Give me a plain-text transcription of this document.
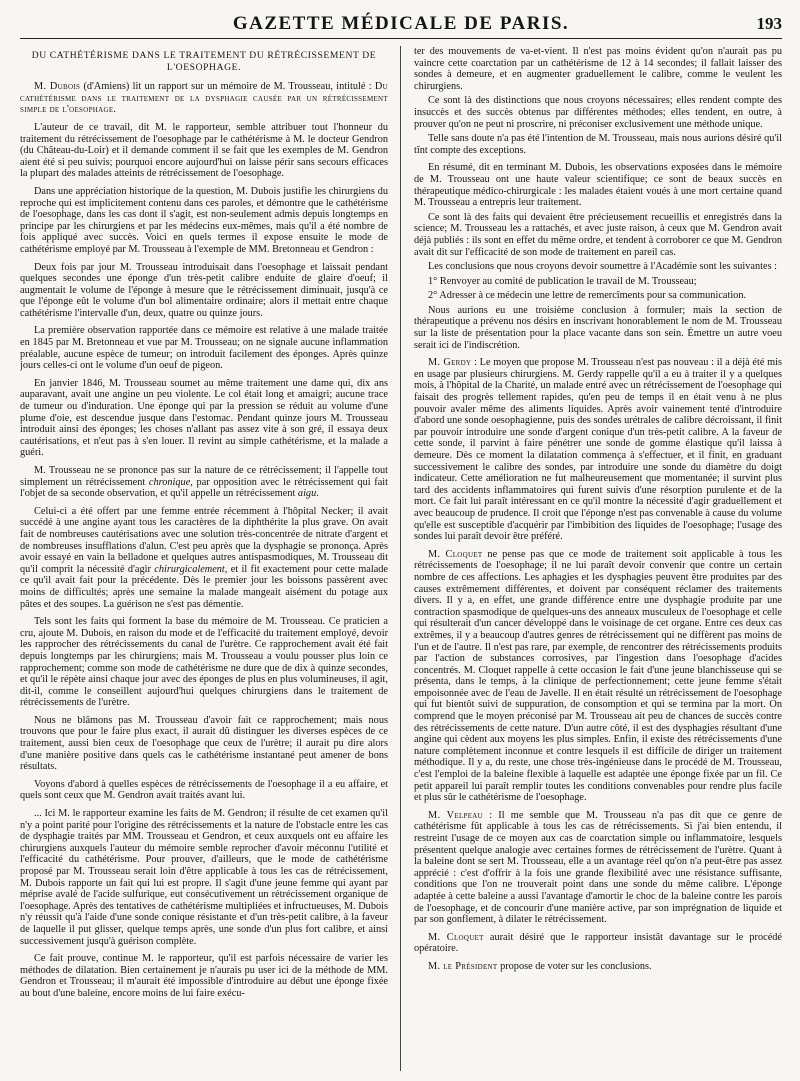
GAZETTE MÉDICALE DE PARIS.	193
DU CATHÉTÉRISME DANS LE TRAITEMENT DU RÉTRÉCISSEMENT DE L'OESOPHAGE.

M. Dubois (d'Amiens) lit un rapport sur un mémoire de M. Trousseau, intitulé : Du cathétérisme dans le traitement de la dysphagie causée par un rétrécissement simple de l'oesophage.

L'auteur de ce travail, dit M. le rapporteur, semble attribuer tout l'honneur du traitement du rétrécissement de l'oesophage par le cathétérisme à M. le docteur Gendron (du Château-du-Loir) et il demande comment il se fait que les exemples de M. Gendron aient été si peu suivis; pourquoi encore aujourd'hui on laisse périr sans secours efficaces la plupart des malades atteints de rétrécissement de l'oesophage.

Dans une appréciation historique de la question, M. Dubois justifie les chirurgiens du reproche qui est implicitement contenu dans ces paroles, et démontre que le cathétérisme de l'oesophage, dans les cas dont il s'agit, est non-seulement admis depuis longtemps en principe par les chirurgiens et par les médecins eux-mêmes, mais qu'il a été nombre de fois appliqué avec succès. Voici en quels termes il expose ensuite le mode de cathétérisme employé par M. Trousseau à l'exemple de MM. Bretonneau et Gendron :

Deux fois par jour M. Trousseau introduisait dans l'oesophage et laissait pendant quelques secondes une éponge d'un très-petit calibre enduite de glaire d'oeuf; il augmentait le volume de l'éponge à mesure que le rétrécissement diminuait, jusqu'à ce que l'éponge eût le volume d'un bol alimentaire ordinaire; alors il mettait entre chaque cathétérisme l'intervalle d'un, deux, quatre ou quinze jours.

La première observation rapportée dans ce mémoire est relative à une malade traitée en 1845 par M. Bretonneau et vue par M. Trousseau; on ne signale aucune inflammation préalable, aucune espèce de tumeur; on introduit facilement des éponges. Après quinze jours celles-ci ont le volume d'un oeuf de pigeon.

En janvier 1846, M. Trousseau soumet au même traitement une dame qui, dix ans auparavant, avait une angine un peu violente. Le col était long et amaigri; aucune trace de tumeur ou d'induration. Une éponge qui par la pression se réduit au volume d'une plume d'oie, est descendue jusque dans l'estomac. Pendant quinze jours M. Trousseau introduit ainsi des éponges; les choses n'allant pas assez vite à son gré, il essaya deux cautérisations, et n'eut pas à s'en louer. Il revint au simple cathétérisme, et la malade a guéri.

M. Trousseau ne se prononce pas sur la nature de ce rétrécissement; il l'appelle tout simplement un rétrécissement chronique, par opposition avec le rétrécissement qui fait l'objet de sa seconde observation, et qu'il appelle un rétrécissement aigu.

Celui-ci a été offert par une femme entrée récemment à l'hôpital Necker; il avait succédé à une angine ayant tous les caractères de la diphthérite la plus grave. On avait fait de nombreuses cautérisations avec une solution très-concentrée de nitrate d'argent et de nombreuses insufflations d'alun. C'est peu après que la dysphagie se prononça. Après avoir essayé en vain la belladone et quelques autres antispasmodiques, M. Trousseau dit qu'il comprit la nécessité d'agir chirurgicalement, et il fit exactement pour cette malade ce qu'il avait fait pour la précédente. Dès le premier jour les boissons passèrent avec moins de difficultés; après une semaine la malade mangeait aisément du potage aux pâtes et des soupes. La guérison ne s'est pas démentie.

Tels sont les faits qui forment la base du mémoire de M. Trousseau. Ce praticien a cru, ajoute M. Dubois, en raison du mode et de l'efficacité du traitement employé, devoir les rapprocher des rétrécissements du canal de l'urètre. Ce rapprochement avait été fait depuis longtemps par les chirurgiens; mais M. Trousseau a voulu pousser plus loin ce rapprochement; comme son mode de cathétérisme ne dure que de dix à quinze secondes, et qu'il le répète ainsi chaque jour avec des éponges de plus en plus volumineuses, il agit, dit-il, comme le conseillent aujourd'hui quelques chirurgiens dans le traitement de rétrécissements de l'urètre.

Nous ne blâmons pas M. Trousseau d'avoir fait ce rapprochement; mais nous trouvons que pour le faire plus exact, il aurait dû distinguer les diverses espèces de ce traitement, aussi bien ceux de l'oesophage que ceux de l'urètre; il aurait pu dire alors d'une manière positive dans quels cas le cathétérisme instantané peut amener de bons résultats.

Voyons d'abord à quelles espèces de rétrécissements de l'oesophage il a eu affaire, et quels sont ceux que M. Gendron avait traités avant lui.

... Ici M. le rapporteur examine les faits de M. Gendron; il résulte de cet examen qu'il n'y a point parité pour l'origine des rétrécissements et la nature de l'obstacle entre les cas de dysphagie traités par MM. Trousseau et Gendron, et ceux auxquels ont eu affaire les chirurgiens auxquels l'auteur du mémoire semble reprocher d'avoir méconnu l'utilité et l'efficacité du cathétérisme. Pour prouver, d'ailleurs, que le mode de cathétérisme proposé par M. Trousseau serait loin d'être applicable à tous les cas de rétrécissement, M. Dubois rapporte un fait qui lui est propre. Il s'agit d'une jeune femme qui ayant par méprise avalé de l'acide sulfurique, eut consécutivement un rétrécissement organique de l'oesophage. Après des tentatives de cathétérisme multipliées et infructueuses, M. Dubois n'y réussit qu'à l'aide d'une sonde conique résistante et d'un très-petit calibre, à la faveur de laquelle il put glisser, quelque temps après, une sonde d'un plus fort calibre, et ainsi successivement jusqu'à guérison complète.

Ce fait prouve, continue M. le rapporteur, qu'il est parfois nécessaire de varier les méthodes de dilatation. Bien certainement je n'aurais pu user ici de la méthode de MM. Gendron et Trousseau; il m'aurait été impossible d'introduire au début une éponge fixée au bout d'une baleine, encore moins de lui faire exécu-

ter des mouvements de va-et-vient. Il n'est pas moins évident qu'on n'aurait pas pu vaincre cette coarctation par un cathétérisme de 12 à 14 secondes; il fallait laisser des sondes à demeure, et en augmenter graduellement le calibre, comme le veulent les chirurgiens.

Ce sont là des distinctions que nous croyons nécessaires; elles rendent compte des insuccès et des succès obtenus par différentes méthodes; elles tendent, en outre, à prouver qu'on ne peut ni proscrire, ni préconiser exclusivement une méthode unique.

Telle sans doute n'a pas été l'intention de M. Trousseau, mais nous aurions désiré qu'il tînt compte des exceptions.

En résumé, dit en terminant M. Dubois, les observations exposées dans le mémoire de M. Trousseau ont une haute valeur scientifique; ce sont de beaux succès en thérapeutique médico-chirurgicale : les malades étaient voués à une mort certaine quand M. Trousseau a entrepris leur traitement.

Ce sont là des faits qui devaient être précieusement recueillis et enregistrés dans la science; M. Trousseau les a rattachés, et avec juste raison, à ceux que M. Gendron avait déjà publiés : ils sont en effet du même ordre, et tendent à corroborer ce que M. Gendron avait dit sur l'efficacité de son mode de traitement en pareil cas.

Les conclusions que nous croyons devoir soumettre à l'Académie sont les suivantes :

1° Renvoyer au comité de publication le travail de M. Trousseau;

2° Adresser à ce médecin une lettre de remercîments pour sa communication.

Nous aurions eu une troisième conclusion à formuler; mais la section de thérapeutique a prévenu nos désirs en inscrivant honorablement le nom de M. Trousseau sur la liste de présentation pour la place vacante dans son sein. Émettre un autre voeu serait ici de l'indiscrétion.

M. Gerdy : Le moyen que propose M. Trousseau n'est pas nouveau : il a déjà été mis en usage par plusieurs chirurgiens. M. Gerdy rappelle qu'il a eu à traiter il y a quelques mois, à l'hôpital de la Charité, un malade entré avec un rétrécissement de l'oesophage qui faisait des progrès tellement rapides, qu'en peu de temps il en était venu à ne plus pouvoir avaler même des aliments liquides. Après avoir vainement tenté d'introduire d'abord une sonde oesophagienne, puis des sondes urétrales de calibre décroissant, il finit par pouvoir introduire une sonde d'argent conique d'un très-petit calibre. A la faveur de cette sonde, il parvint à faire pénétrer une sonde de gomme élastique qu'il laissa à demeure. Dès ce moment la dilatation commença à s'effectuer, et il finit, en graduant successivement le calibre des sondes, par introduire une sonde du diamètre du doigt indicateur. Cette amélioration ne fut malheureusement que momentanée; il survint plus tard des accidents inflammatoires qui furent suivis d'une résorption purulente et de la mort. Ce fait lui paraît intéressant en ce qu'il montre la nécessité d'agir graduellement et avec beaucoup de prudence. Il croit que l'éponge n'est pas convenable à cause du volume qu'elle est susceptible d'acquérir par l'imbibition des liquides de l'oesophage; l'usage des sondes lui paraît devoir être préféré.

M. Cloquet ne pense pas que ce mode de traitement soit applicable à tous les rétrécissements de l'oesophage; il ne lui paraît devoir convenir que contre un certain nombre de ces affections. Les aphagies et les dysphagies peuvent être produites par des causes extrêmement différentes, et doivent par conséquent réclamer des traitements divers. Il y a, en effet, une grande différence entre une dysphagie produite par une contraction spasmodique de quelques-uns des anneaux musculeux de l'oesophage et celle qui résulterait d'un cancer développé dans le voisinage de cet organe. Entre ces deux cas extrêmes, il y a beaucoup d'autres genres de rétrécissement qui ne diffèrent pas moins de l'un et de l'autre. Il n'est pas rare, par exemple, de rencontrer des rétrécissements produits par l'action de substances corrosives, par l'ingestion dans l'oesophage d'acides concentrés. M. Cloquet rappelle à cette occasion le fait d'une jeune blanchisseuse qui se présenta, dans le temps, à la clinique de perfectionnement; cette jeune femme s'était empoisonnée avec de l'eau de Javelle. Il en était résulté un rétrécissement de l'oesophage qui fut bientôt suivi de suppuration, de consomption et qui se termina par la mort. On comprend que le moyen préconisé par M. Trousseau ait peu de chances de succès contre des rétrécissements de cette nature. D'un autre côté, il est des dysphagies résultant d'une angine qui cèdent aux moyens les plus simples. Enfin, il existe des rétrécissements d'une nature complètement inconnue et contre lesquels il est difficile de diriger un traitement méthodique. Il y a, du reste, une chose très-ingénieuse dans le procédé de M. Trousseau, c'est l'emploi de la baleine flexible à laquelle est adaptée une éponge fixée par un fil. Ce petit appareil lui paraît remplir toutes les conditions convenables pour rendre plus facile et plus sûr le cathétérisme de l'oesophage.

M. Velpeau : Il me semble que M. Trousseau n'a pas dit que ce genre de cathétérisme fût applicable à tous les cas de rétrécissements. Si j'ai bien entendu, il restreint l'usage de ce moyen aux cas de coarctation simple ou inflammatoire, lesquels présentent quelque analogie avec certaines formes de rétrécissement de l'urètre. Quant à la baleine dont se sert M. Trousseau, elle a un avantage réel qu'on n'a peut-être pas assez apprécié : c'est d'offrir à la fois une grande flexibilité avec une résistance suffisante, conditions que l'on ne trouverait point dans une sonde du même calibre. L'éponge adaptée à cette baleine a aussi l'avantage d'amortir le choc de la baleine contre les parois de l'oesophage, et de concourir d'une manière active, par son imprégnation de liquide et par son gonflement, à dilater le rétrécissement.

M. Cloquet aurait désiré que le rapporteur insistât davantage sur le procédé opératoire.

M. le Président propose de voter sur les conclusions.
